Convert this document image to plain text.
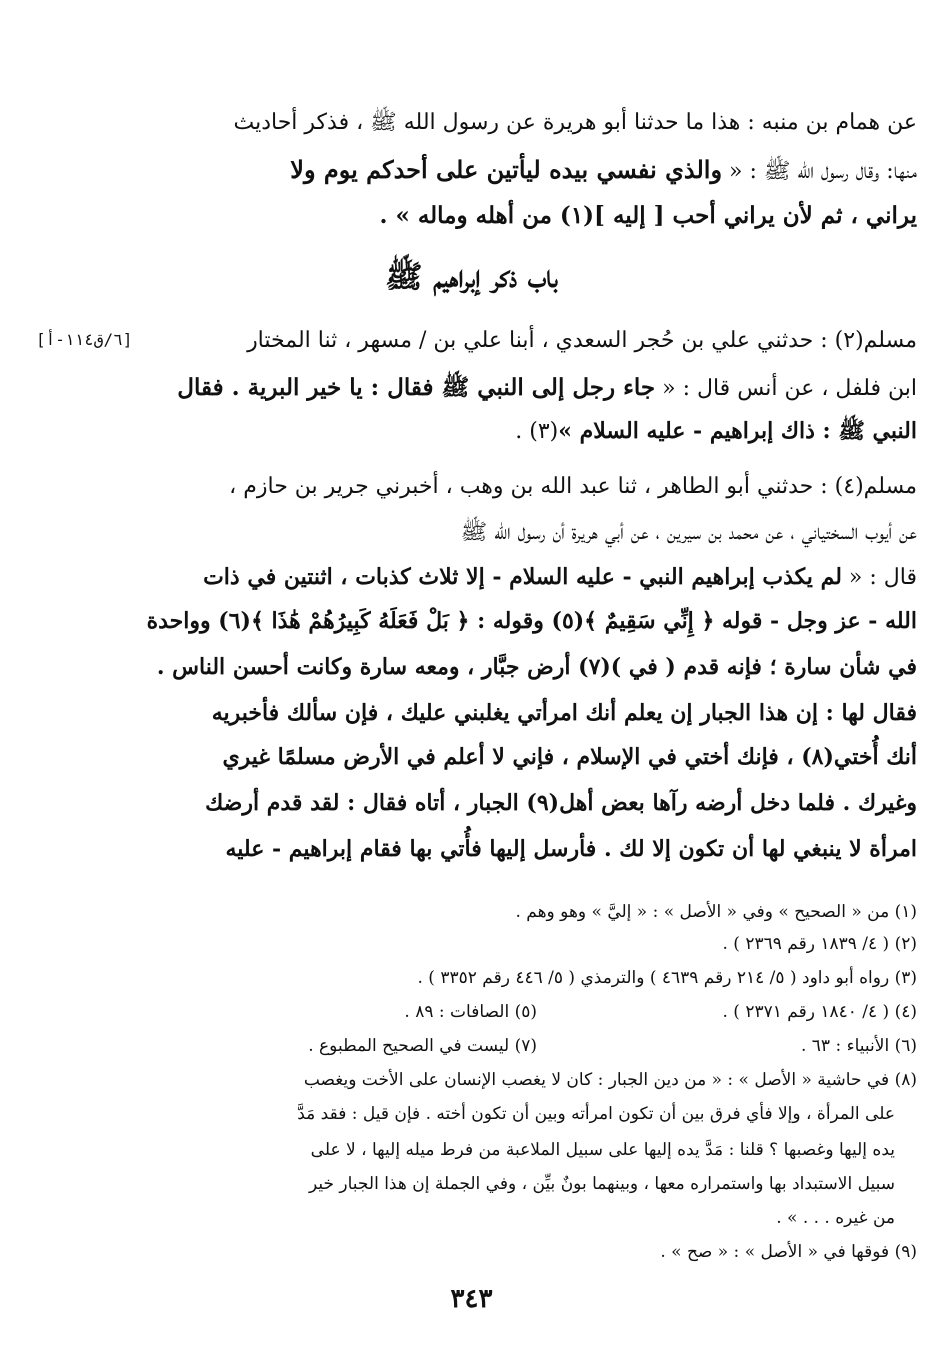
عن همام بن منبه : هذا ما حدثنا أبو هريرة عن رسول الله ﷺ ، فذكر أحاديث
منها: وقال رسول الله ﷺ : « والذي نفسي بيده ليأتين على أحدكم يوم ولا
يراني ، ثم لأن يراني أحب [ إليه ](١) من أهله وماله » .
باب ذكر إبراهيم ﷺ
[٦/ق١١٤-أ]	مسلم(٢) : حدثني علي بن حُجر السعدي ، أبنا علي بن / مسهر ، ثنا المختار
ابن فلفل ، عن أنس قال : « جاء رجل إلى النبي ﷺ فقال : يا خير البرية . فقال
النبي ﷺ : ذاك إبراهيم - عليه السلام »(٣) .
مسلم(٤) : حدثني أبو الطاهر ، ثنا عبد الله بن وهب ، أخبرني جرير بن حازم ،
عن أيوب السختياني ، عن محمد بن سيرين ، عن أبي هريرة أن رسول الله ﷺ
قال : « لم يكذب إبراهيم النبي - عليه السلام - إلا ثلاث كذبات ، اثنتين في ذات
الله - عز وجل - قوله ﴿ إِنِّي سَقِيمٌ ﴾(٥) وقوله : ﴿ بَلْ فَعَلَهُ كَبِيرُهُمْ هَٰذَا ﴾(٦) وواحدة
في شأن سارة ؛ فإنه قدم ( في )(٧) أرض جبَّار ، ومعه سارة وكانت أحسن الناس .
فقال لها : إن هذا الجبار إن يعلم أنك امرأتي يغلبني عليك ، فإن سألك فأخبريه
أنك أُختي(٨) ، فإنك أختي في الإسلام ، فإني لا أعلم في الأرض مسلمًا غيري
وغيرك . فلما دخل أرضه رآها بعض أهل(٩) الجبار ، أتاه فقال : لقد قدم أرضك
امرأة لا ينبغي لها أن تكون إلا لك . فأرسل إليها فأُتي بها فقام إبراهيم - عليه
(١) من « الصحيح » وفي « الأصل » : « إليَّ » وهو وهم .
(٢) ( ٤/ ١٨٣٩ رقم ٢٣٦٩ ) .
(٣) رواه أبو داود ( ٥/ ٢١٤ رقم ٤٦٣٩ ) والترمذي ( ٥/ ٤٤٦ رقم ٣٣٥٢ ) .
(٤) ( ٤/ ١٨٤٠ رقم ٢٣٧١ ) .
(٥) الصافات : ٨٩ .
(٦) الأنبياء : ٦٣ .
(٧) ليست في الصحيح المطبوع .
(٨) في حاشية « الأصل » : « من دين الجبار : كان لا يغصب الإنسان على الأخت ويغصب
على المرأة ، وإلا فأي فرق بين أن تكون امرأته وبين أن تكون أخته . فإن قيل : فقد مَدَّ
يده إليها وغصبها ؟ قلنا : مَدَّ يده إليها على سبيل الملاعبة من فرط ميله إليها ، لا على
سبيل الاستبداد بها واستمراره معها ، وبينهما بونٌ بيِّن ، وفي الجملة إن هذا الجبار خير
من غيره . . . » .
(٩) فوقها في « الأصل » : « صح » .
٣٤٣
